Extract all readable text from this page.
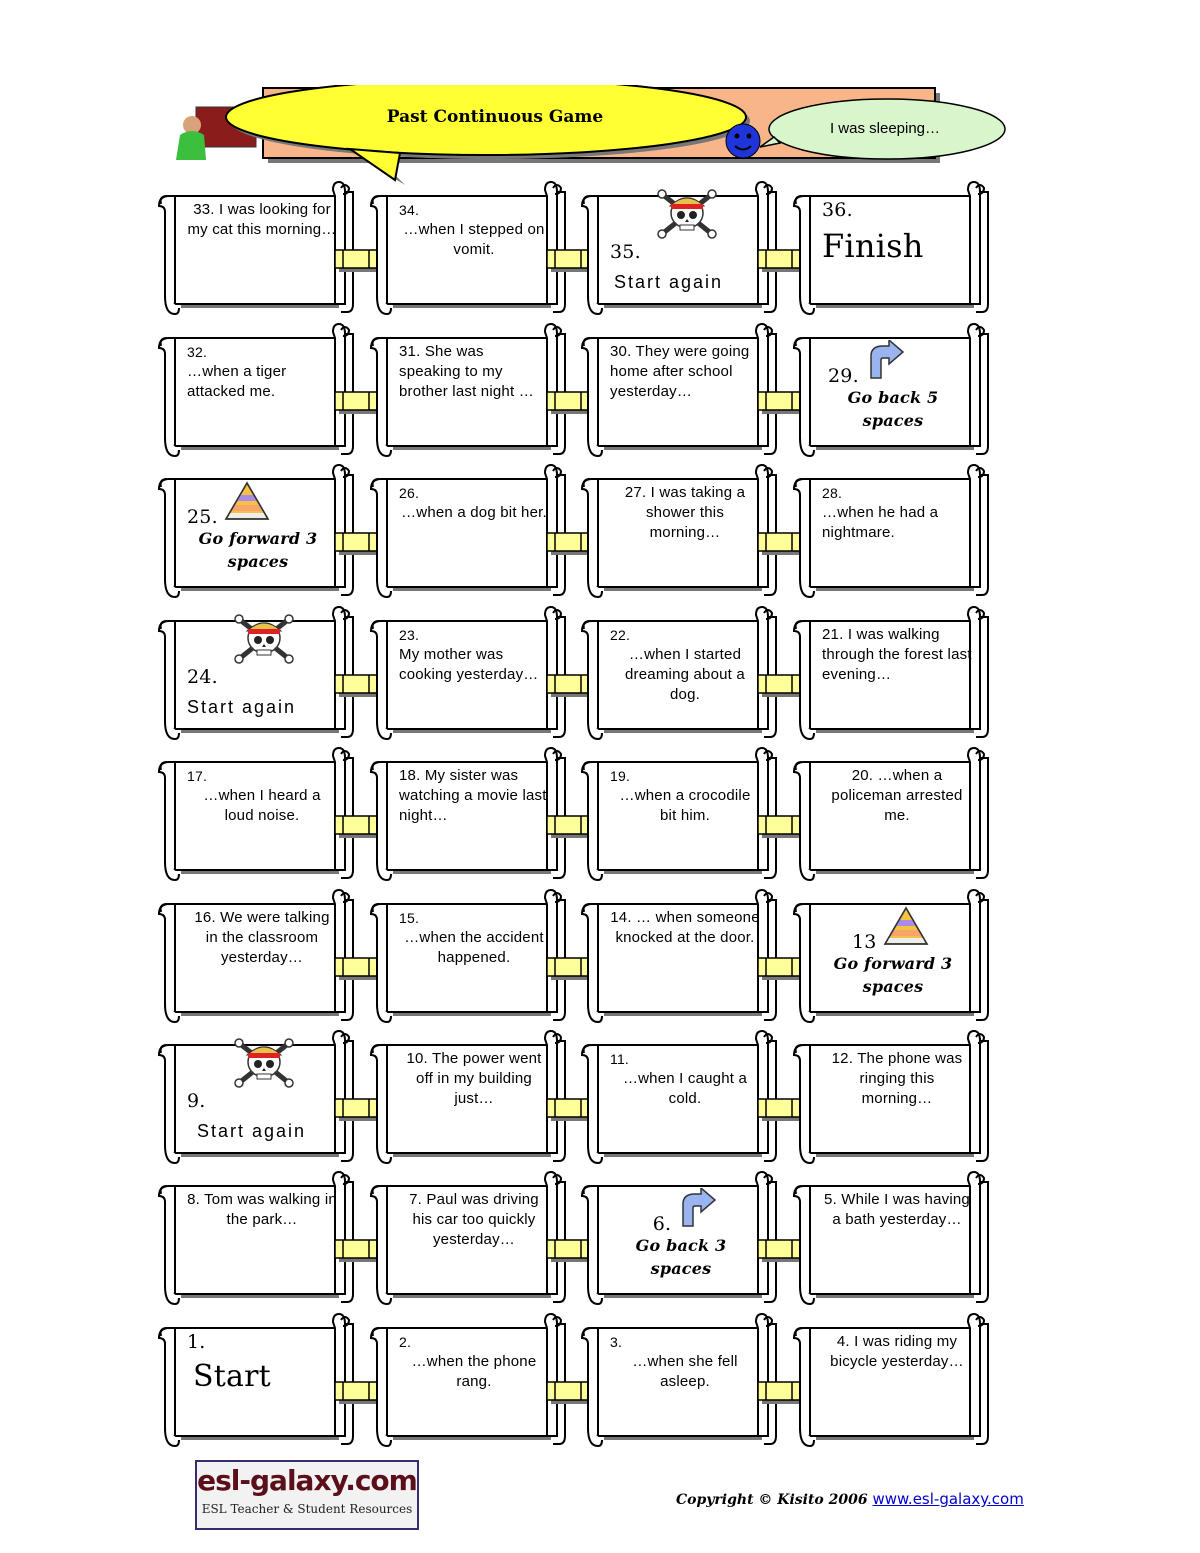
Past Continuous Game
I was sleeping…
33. I was looking for my cat this morning…
34.
…when I stepped on vomit.	35.
Start again
36.
Finish
32.
…when a tiger attacked me.
31. She was speaking to my brother last night …
30. They were going home after school yesterday…
29.
Go back 5 spaces
25.
Go forward 3 spaces
26.
…when a dog bit her.
27. I was taking a shower this morning…
28.
…when he had a nightmare.
24.
Start again
23.
My mother was cooking yesterday…
22.
…when I started dreaming about a dog.
21. I was walking through the forest last evening…
17.
…when I heard a loud noise.
18. My sister was watching a movie last night…
19.
…when a crocodile bit him.
20. …when a policeman arrested me.
16. We were talking in the classroom yesterday…
15.
…when the accident happened.
14. … when someone knocked at the door.	13
Go forward 3 spaces
9.
Start again
10. The power went off in my building just…
11.
…when I caught a cold.
12. The phone was ringing this morning…
8. Tom was walking in the park…
7. Paul was driving his car too quickly yesterday…
6.
Go back 3 spaces
5. While I was having a bath yesterday…
1.
Start
2.
…when the phone rang.
3.
…when she fell asleep.
4. I was riding my bicycle yesterday…
esl-galaxy.com
ESL Teacher & Student Resources
Copyright © Kisito 2006 www.esl-galaxy.com
